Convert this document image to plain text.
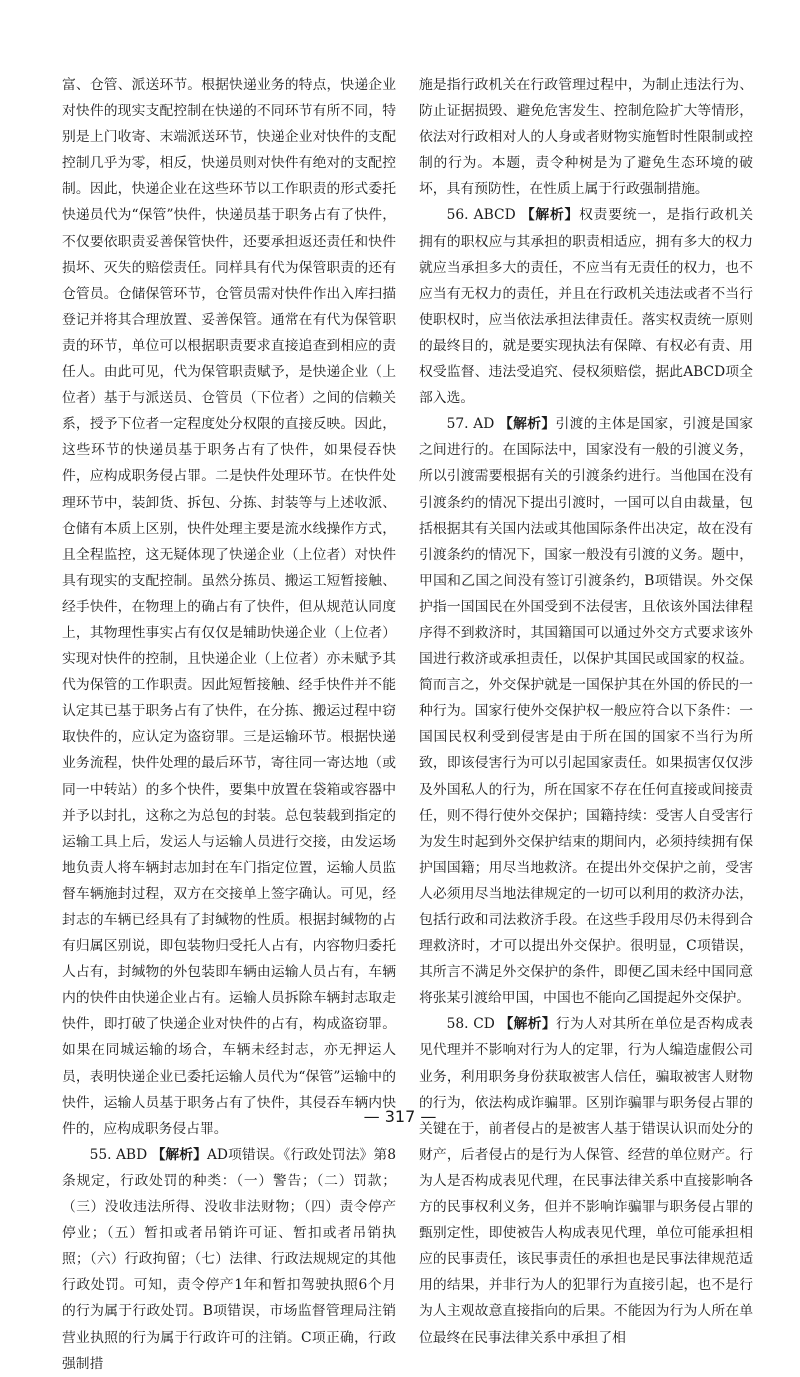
富、仓管、派送环节。根据快递业务的特点，快递企业对快件的现实支配控制在快递的不同环节有所不同，特别是上门收寄、末端派送环节，快递企业对快件的支配控制几乎为零，相反，快递员则对快件有绝对的支配控制。因此，快递企业在这些环节以工作职责的形式委托快递员代为“保管”快件，快递员基于职务占有了快件，不仅要依职责妥善保管快件，还要承担返还责任和快件损坏、灭失的赔偿责任。同样具有代为保管职责的还有仓管员。仓储保管环节，仓管员需对快件作出入库扫描登记并将其合理放置、妥善保管。通常在有代为保管职责的环节，单位可以根据职责要求直接追查到相应的责任人。由此可见，代为保管职责赋予，是快递企业（上位者）基于与派送员、仓管员（下位者）之间的信赖关系，授予下位者一定程度处分权限的直接反映。因此，这些环节的快递员基于职务占有了快件，如果侵吞快件，应构成职务侵占罪。二是快件处理环节。在快件处理环节中，装卸货、拆包、分拣、封装等与上述收派、仓储有本质上区别，快件处理主要是流水线操作方式，且全程监控，这无疑体现了快递企业（上位者）对快件具有现实的支配控制。虽然分拣员、搬运工短暂接触、经手快件，在物理上的确占有了快件，但从规范认同度上，其物理性事实占有仅仅是辅助快递企业（上位者）实现对快件的控制，且快递企业（上位者）亦未赋予其代为保管的工作职责。因此短暂接触、经手快件并不能认定其已基于职务占有了快件，在分拣、搬运过程中窃取快件的，应认定为盗窃罪。三是运输环节。根据快递业务流程，快件处理的最后环节，寄往同一寄达地（或同一中转站）的多个快件，要集中放置在袋箱或容器中并予以封扎，这称之为总包的封装。总包装载到指定的运输工具上后，发运人与运输人员进行交接，由发运场地负责人将车辆封志加封在车门指定位置，运输人员监督车辆施封过程，双方在交接单上签字确认。可见，经封志的车辆已经具有了封缄物的性质。根据封缄物的占有归属区别说，即包装物归受托人占有，内容物归委托人占有，封缄物的外包装即车辆由运输人员占有，车辆内的快件由快递企业占有。运输人员拆除车辆封志取走快件，即打破了快递企业对快件的占有，构成盗窃罪。如果在同城运输的场合，车辆未经封志，亦无押运人员，表明快递企业已委托运输人员代为“保管”运输中的快件，运输人员基于职务占有了快件，其侵吞车辆内快件的，应构成职务侵占罪。

55. ABD 【解析】AD项错误。《行政处罚法》第8条规定，行政处罚的种类：（一）警告；（二）罚款；（三）没收违法所得、没收非法财物；（四）责令停产停业；（五）暂扣或者吊销许可证、暂扣或者吊销执照；（六）行政拘留；（七）法律、行政法规规定的其他行政处罚。可知，责令停产1年和暂扣驾驶执照6个月的行为属于行政处罚。B项错误，市场监督管理局注销营业执照的行为属于行政许可的注销。C项正确，行政强制措

施是指行政机关在行政管理过程中，为制止违法行为、防止证据损毁、避免危害发生、控制危险扩大等情形，依法对行政相对人的人身或者财物实施暂时性限制或控制的行为。本题，责令种树是为了避免生态环境的破坏，具有预防性，在性质上属于行政强制措施。

56. ABCD 【解析】权责要统一，是指行政机关拥有的职权应与其承担的职责相适应，拥有多大的权力就应当承担多大的责任，不应当有无责任的权力，也不应当有无权力的责任，并且在行政机关违法或者不当行使职权时，应当依法承担法律责任。落实权责统一原则的最终目的，就是要实现执法有保障、有权必有责、用权受监督、违法受追究、侵权须赔偿，据此ABCD项全部入选。

57. AD 【解析】引渡的主体是国家，引渡是国家之间进行的。在国际法中，国家没有一般的引渡义务，所以引渡需要根据有关的引渡条约进行。当他国在没有引渡条约的情况下提出引渡时，一国可以自由裁量，包括根据其有关国内法或其他国际条件出决定，故在没有引渡条约的情况下，国家一般没有引渡的义务。题中，甲国和乙国之间没有签订引渡条约，B项错误。外交保护指一国国民在外国受到不法侵害，且依该外国法律程序得不到救济时，其国籍国可以通过外交方式要求该外国进行救济或承担责任，以保护其国民或国家的权益。简而言之，外交保护就是一国保护其在外国的侨民的一种行为。国家行使外交保护权一般应符合以下条件：一国国民权利受到侵害是由于所在国的国家不当行为所致，即该侵害行为可以引起国家责任。如果损害仅仅涉及外国私人的行为，所在国家不存在任何直接或间接责任，则不得行使外交保护；国籍持续：受害人自受害行为发生时起到外交保护结束的期间内，必须持续拥有保护国国籍；用尽当地救济。在提出外交保护之前，受害人必须用尽当地法律规定的一切可以利用的救济办法，包括行政和司法救济手段。在这些手段用尽仍未得到合理救济时，才可以提出外交保护。很明显，C项错误，其所言不满足外交保护的条件，即便乙国未经中国同意将张某引渡给甲国，中国也不能向乙国提起外交保护。

58. CD 【解析】行为人对其所在单位是否构成表见代理并不影响对行为人的定罪，行为人编造虚假公司业务，利用职务身份获取被害人信任，骗取被害人财物的行为，依法构成诈骗罪。区别诈骗罪与职务侵占罪的关键在于，前者侵占的是被害人基于错误认识而处分的财产，后者侵占的是行为人保管、经营的单位财产。行为人是否构成表见代理，在民事法律关系中直接影响各方的民事权利义务，但并不影响诈骗罪与职务侵占罪的甄别定性，即使被告人构成表见代理，单位可能承担相应的民事责任，该民事责任的承担也是民事法律规范适用的结果，并非行为人的犯罪行为直接引起，也不是行为人主观故意直接指向的后果。不能因为行为人所在单位最终在民事法律关系中承担了相

— 317 —
